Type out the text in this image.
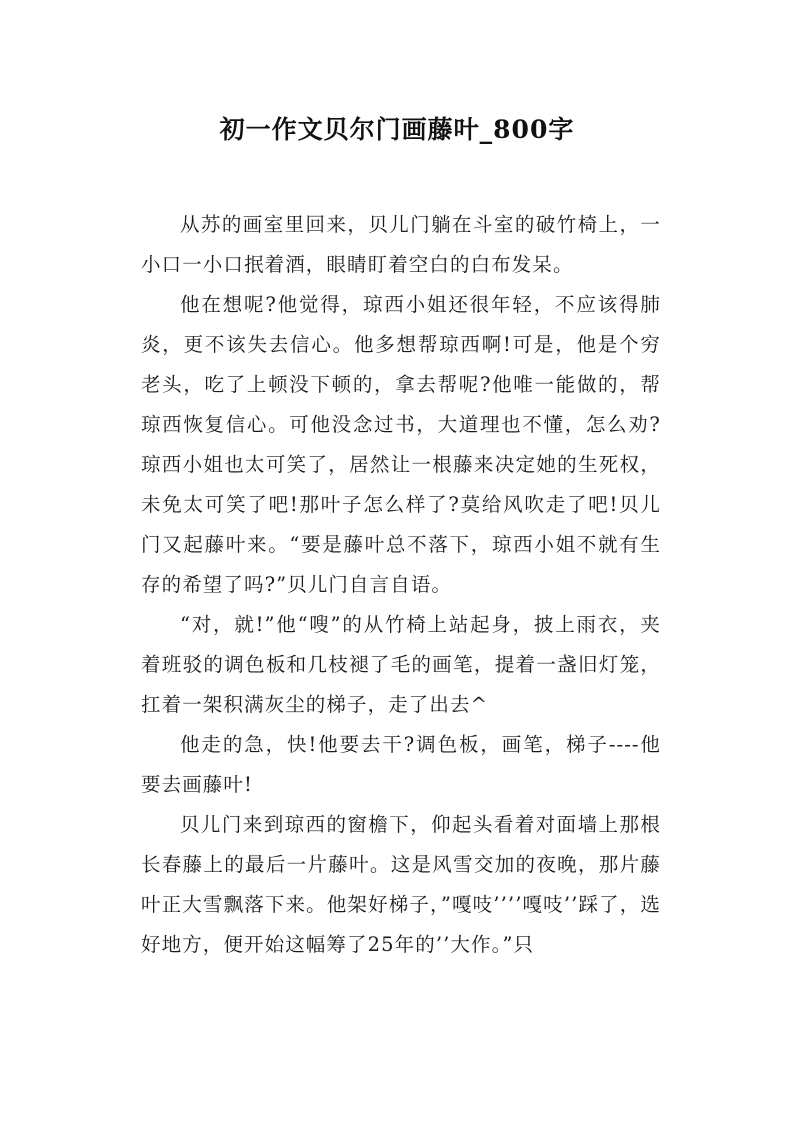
初一作文贝尔门画藤叶_800字

从苏的画室里回来，贝儿门躺在斗室的破竹椅上，一小口一小口抿着酒，眼睛盯着空白的白布发呆。

他在想呢?他觉得，琼西小姐还很年轻，不应该得肺炎，更不该失去信心。他多想帮琼西啊!可是，他是个穷老头，吃了上顿没下顿的，拿去帮呢?他唯一能做的，帮琼西恢复信心。可他没念过书，大道理也不懂，怎么劝?琼西小姐也太可笑了，居然让一根藤来决定她的生死权，未免太可笑了吧!那叶子怎么样了?莫给风吹走了吧!贝儿门又起藤叶来。“要是藤叶总不落下，琼西小姐不就有生存的希望了吗?”贝儿门自言自语。

“对，就!”他“嗖”的从竹椅上站起身，披上雨衣，夹着班驳的调色板和几枝褪了毛的画笔，提着一盏旧灯笼，扛着一架积满灰尘的梯子，走了出去^

他走的急，快!他要去干?调色板，画笔，梯子----他要去画藤叶!

贝儿门来到琼西的窗檐下，仰起头看着对面墙上那根长春藤上的最后一片藤叶。这是风雪交加的夜晚，那片藤叶正大雪飘落下来。他架好梯子，”嘎吱’’’’嘎吱’’踩了，选好地方，便开始这幅筹了25年的’’大作。”只
